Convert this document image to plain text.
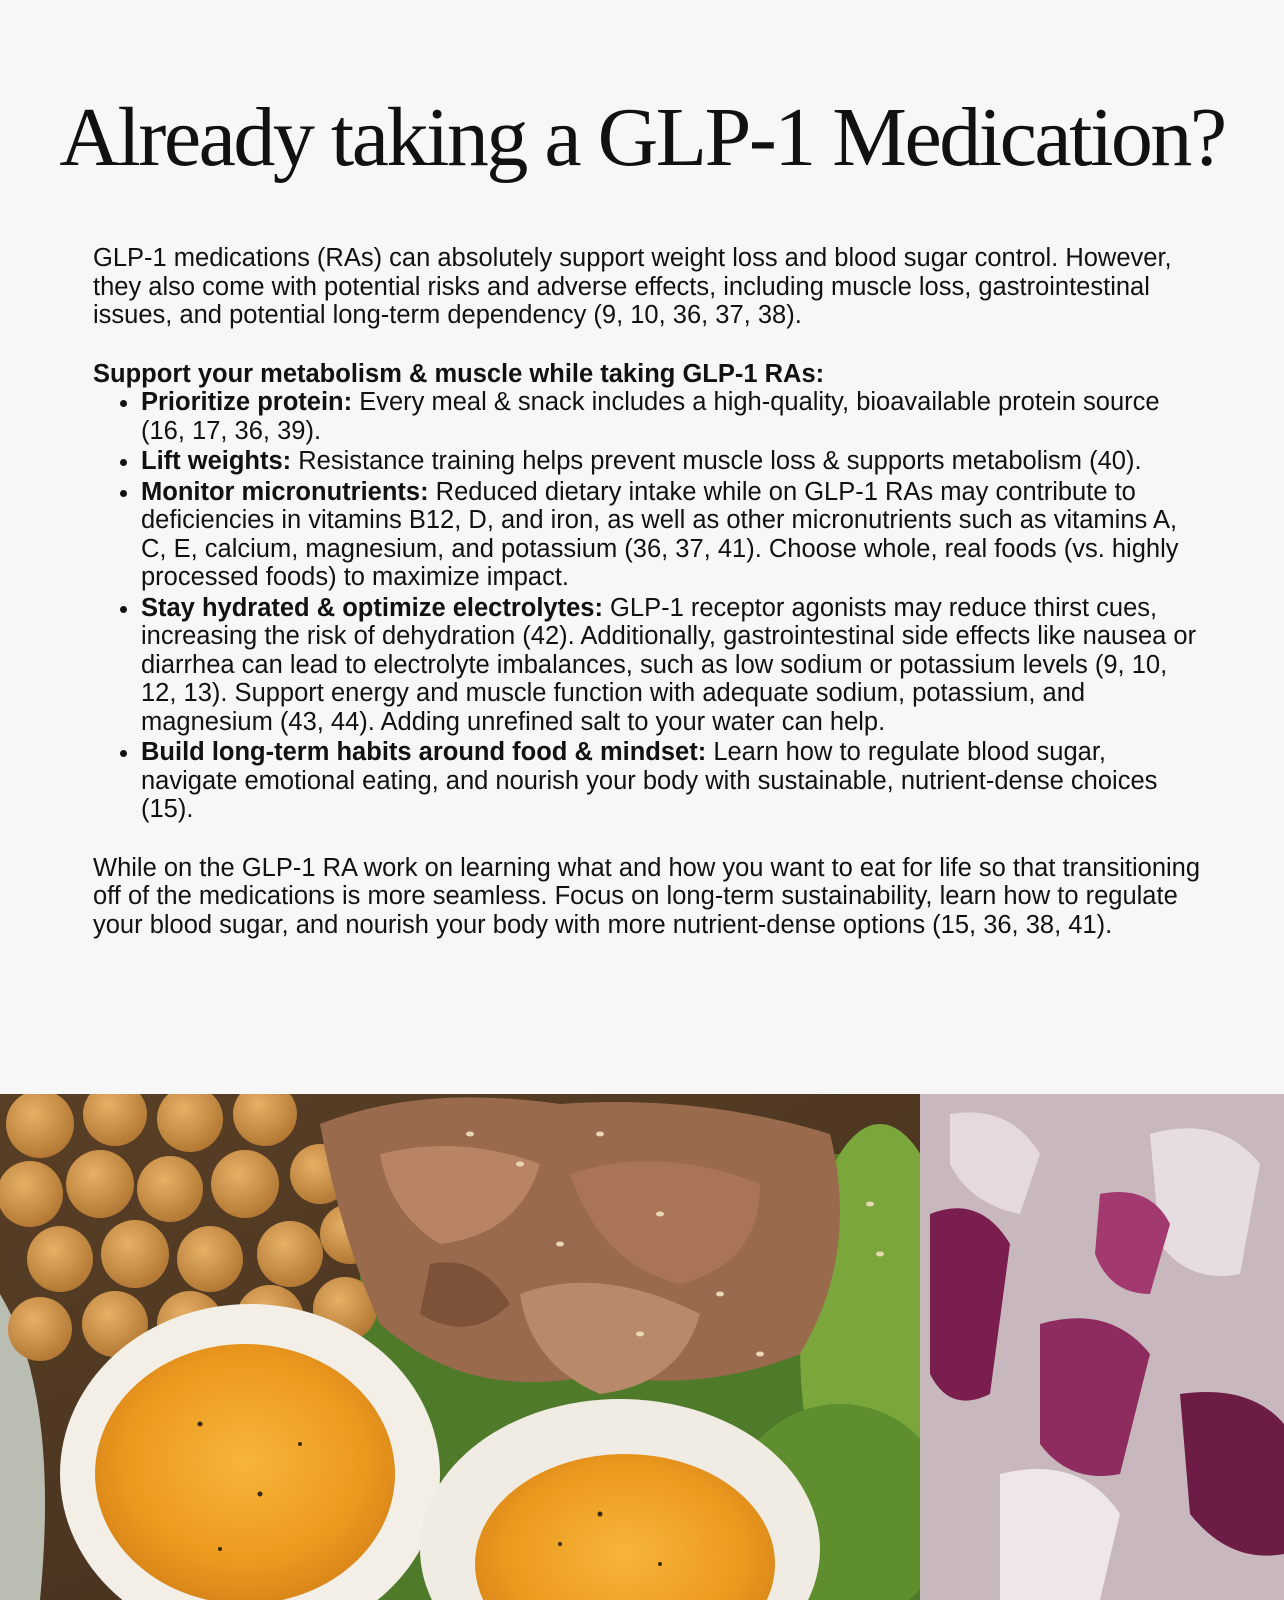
Already taking a GLP-1 Medication?

GLP-1 medications (RAs) can absolutely support weight loss and blood sugar control. However, they also come with potential risks and adverse effects, including muscle loss, gastrointestinal issues, and potential long-term dependency (9, 10, 36, 37, 38).

Support your metabolism & muscle while taking GLP-1 RAs:

• Prioritize protein: Every meal & snack includes a high-quality, bioavailable protein source (16, 17, 36, 39).
• Lift weights: Resistance training helps prevent muscle loss & supports metabolism (40).
• Monitor micronutrients: Reduced dietary intake while on GLP-1 RAs may contribute to deficiencies in vitamins B12, D, and iron, as well as other micronutrients such as vitamins A, C, E, calcium, magnesium, and potassium (36, 37, 41). Choose whole, real foods (vs. highly processed foods) to maximize impact.
• Stay hydrated & optimize electrolytes: GLP-1 receptor agonists may reduce thirst cues, increasing the risk of dehydration (42). Additionally, gastrointestinal side effects like nausea or diarrhea can lead to electrolyte imbalances, such as low sodium or potassium levels (9, 10, 12, 13). Support energy and muscle function with adequate sodium, potassium, and magnesium (43, 44). Adding unrefined salt to your water can help.
• Build long-term habits around food & mindset: Learn how to regulate blood sugar, navigate emotional eating, and nourish your body with sustainable, nutrient-dense choices (15).

While on the GLP-1 RA work on learning what and how you want to eat for life so that transitioning off of the medications is more seamless. Focus on long-term sustainability, learn how to regulate your blood sugar, and nourish your body with more nutrient-dense options (15, 36, 38, 41).
